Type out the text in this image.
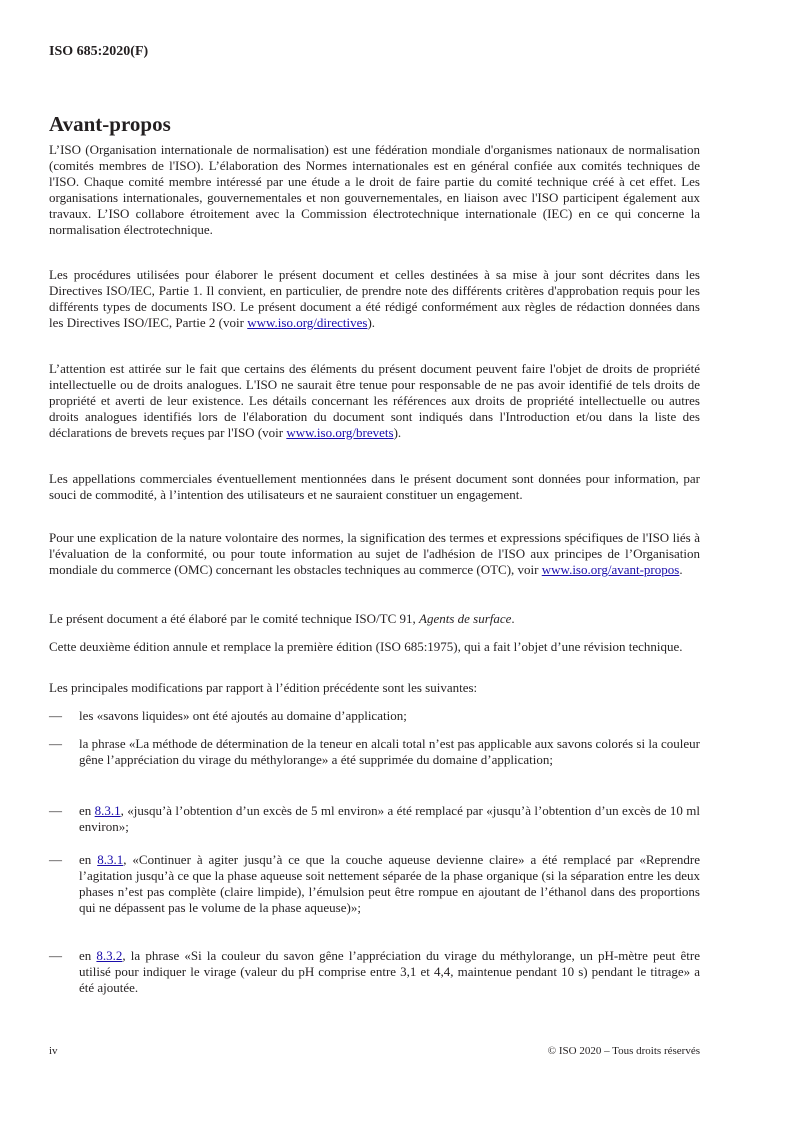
ISO 685:2020(F)
Avant-propos

L’ISO (Organisation internationale de normalisation) est une fédération mondiale d'organismes nationaux de normalisation (comités membres de l'ISO). L’élaboration des Normes internationales est en général confiée aux comités techniques de l'ISO. Chaque comité membre intéressé par une étude a le droit de faire partie du comité technique créé à cet effet. Les organisations internationales, gouvernementales et non gouvernementales, en liaison avec l'ISO participent également aux travaux. L’ISO collabore étroitement avec la Commission électrotechnique internationale (IEC) en ce qui concerne la normalisation électrotechnique.

Les procédures utilisées pour élaborer le présent document et celles destinées à sa mise à jour sont décrites dans les Directives ISO/IEC, Partie 1. Il convient, en particulier, de prendre note des différents critères d'approbation requis pour les différents types de documents ISO. Le présent document a été rédigé conformément aux règles de rédaction données dans les Directives ISO/IEC, Partie 2 (voir www.iso.org/directives).

L’attention est attirée sur le fait que certains des éléments du présent document peuvent faire l'objet de droits de propriété intellectuelle ou de droits analogues. L'ISO ne saurait être tenue pour responsable de ne pas avoir identifié de tels droits de propriété et averti de leur existence. Les détails concernant les références aux droits de propriété intellectuelle ou autres droits analogues identifiés lors de l'élaboration du document sont indiqués dans l'Introduction et/ou dans la liste des déclarations de brevets reçues par l'ISO (voir www.iso.org/brevets).

Les appellations commerciales éventuellement mentionnées dans le présent document sont données pour information, par souci de commodité, à l’intention des utilisateurs et ne sauraient constituer un engagement.

Pour une explication de la nature volontaire des normes, la signification des termes et expressions spécifiques de l'ISO liés à l'évaluation de la conformité, ou pour toute information au sujet de l'adhésion de l'ISO aux principes de l’Organisation mondiale du commerce (OMC) concernant les obstacles techniques au commerce (OTC), voir www.iso.org/avant-propos.

Le présent document a été élaboré par le comité technique ISO/TC 91, Agents de surface.

Cette deuxième édition annule et remplace la première édition (ISO 685:1975), qui a fait l’objet d’une révision technique.

Les principales modifications par rapport à l’édition précédente sont les suivantes:

— les «savons liquides» ont été ajoutés au domaine d’application;
— la phrase «La méthode de détermination de la teneur en alcali total n’est pas applicable aux savons colorés si la couleur gêne l’appréciation du virage du méthylorange» a été supprimée du domaine d’application;
— en 8.3.1, «jusqu’à l’obtention d’un excès de 5 ml environ» a été remplacé par «jusqu’à l’obtention d’un excès de 10 ml environ»;
— en 8.3.1, «Continuer à agiter jusqu’à ce que la couche aqueuse devienne claire» a été remplacé par «Reprendre l’agitation jusqu’à ce que la phase aqueuse soit nettement séparée de la phase organique (si la séparation entre les deux phases n’est pas complète (claire limpide), l’émulsion peut être rompue en ajoutant de l’éthanol dans des proportions qui ne dépassent pas le volume de la phase aqueuse)»;
— en 8.3.2, la phrase «Si la couleur du savon gêne l’appréciation du virage du méthylorange, un pH-mètre peut être utilisé pour indiquer le virage (valeur du pH comprise entre 3,1 et 4,4, maintenue pendant 10 s) pendant le titrage» a été ajoutée.
iv	© ISO 2020 – Tous droits réservés
